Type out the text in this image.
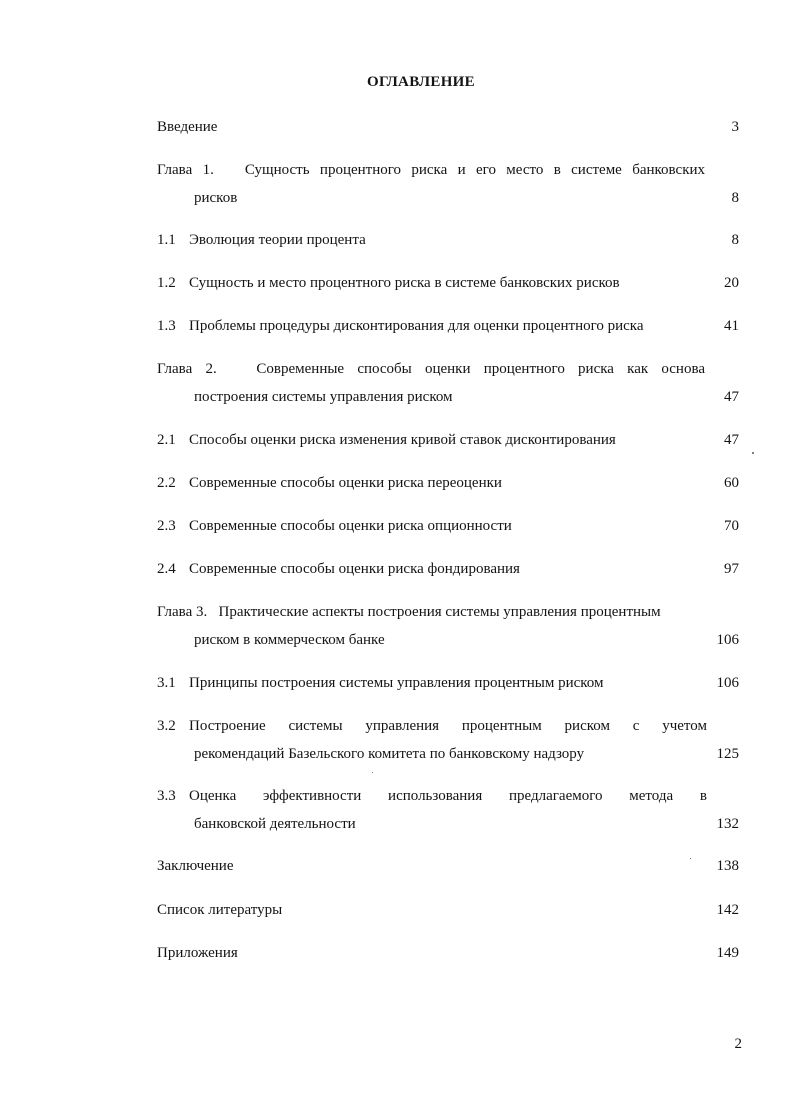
ОГЛАВЛЕНИЕ
Введение	3
Глава 1. Сущность процентного риска и его место в системе банковских
рисков	8
1.1 Эволюция теории процента	8
1.2 Сущность и место процентного риска в системе банковских рисков	20
1.3 Проблемы процедуры дисконтирования для оценки процентного риска	41
Глава 2.	Современные способы оценки процентного риска как основа
построения системы управления риском	47
2.1 Способы оценки риска изменения кривой ставок дисконтирования	47
2.2 Современные способы оценки риска переоценки	60
2.3 Современные способы оценки риска опционности	70
2.4 Современные способы оценки риска фондирования	97
Глава 3. Практические аспекты построения системы управления процентным
риском в коммерческом банке	106
3.1 Принципы построения системы управления процентным риском	106
3.2 Построение системы управления процентным риском с учетом
рекомендаций Базельского комитета по банковскому надзору	125
3.3 Оценка эффективности использования предлагаемого метода в
банковской деятельности	132
Заключение	138
Список литературы	142
Приложения	149
2
